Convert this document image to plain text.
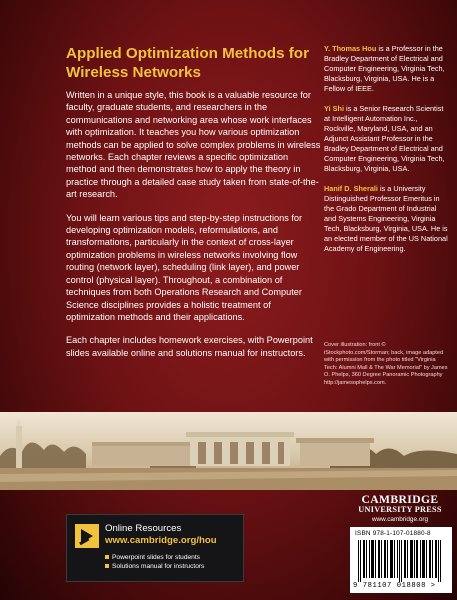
Applied Optimization Methods for Wireless Networks

Written in a unique style, this book is a valuable resource for faculty, graduate students, and researchers in the communications and networking area whose work interfaces with optimization. It teaches you how various optimization methods can be applied to solve complex problems in wireless networks. Each chapter reviews a specific optimization method and then demonstrates how to apply the theory in practice through a detailed case study taken from state-of-the-art research.

You will learn various tips and step-by-step instructions for developing optimization models, reformulations, and transformations, particularly in the context of cross-layer optimization problems in wireless networks involving flow routing (network layer), scheduling (link layer), and power control (physical layer). Throughout, a combination of techniques from both Operations Research and Computer Science disciplines provides a holistic treatment of optimization methods and their applications.

Each chapter includes homework exercises, with Powerpoint slides available online and solutions manual for instructors.

Y. Thomas Hou is a Professor in the Bradley Department of Electrical and Computer Engineering, Virginia Tech, Blacksburg, Virginia, USA. He is a Fellow of IEEE.

Yi Shi is a Senior Research Scientist at Intelligent Automation Inc., Rockville, Maryland, USA, and an Adjunct Assistant Professor in the Bradley Department of Electrical and Computer Engineering, Virginia Tech, Blacksburg, Virginia, USA.

Hanif D. Sherali is a University Distinguished Professor Emeritus in the Grado Department of Industrial and Systems Engineering, Virginia Tech, Blacksburg, Virginia, USA. He is an elected member of the US National Academy of Engineering.

Cover illustration: front © iStockphoto.com/Storman; back, image adapted with permission from the photo titled "Virginia Tech: Alumni Mall & The War Memorial" by James O. Phelps, 360 Degree Panoramic Photography http://jamesophelps.com.
Online Resources
www.cambridge.org/hou
Powerpoint slides for students
Solutions manual for instructors
CAMBRIDGE
UNIVERSITY PRESS
www.cambridge.org
ISBN 978-1-107-01880-8
9 781107 018808 >
